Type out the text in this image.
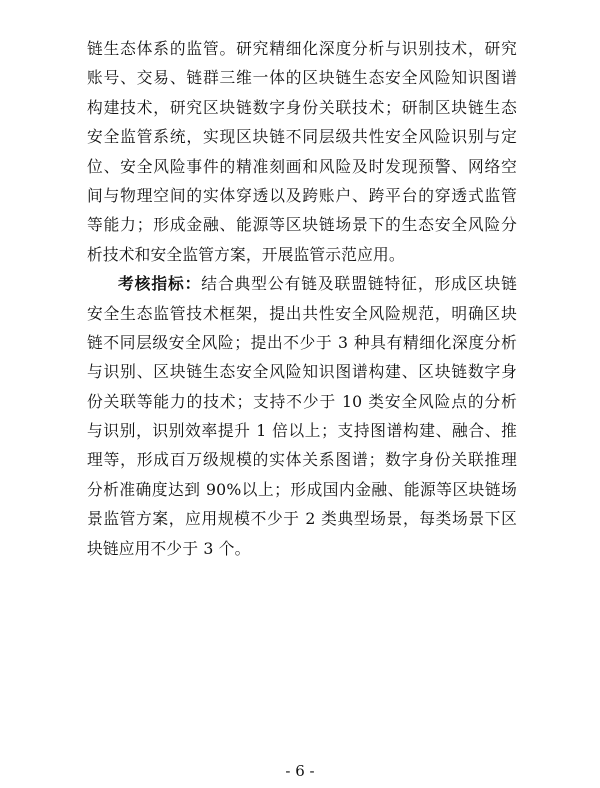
链生态体系的监管。研究精细化深度分析与识别技术，研究
账号、交易、链群三维一体的区块链生态安全风险知识图谱
构建技术，研究区块链数字身份关联技术；研制区块链生态
安全监管系统，实现区块链不同层级共性安全风险识别与定
位、安全风险事件的精准刻画和风险及时发现预警、网络空
间与物理空间的实体穿透以及跨账户、跨平台的穿透式监管
等能力；形成金融、能源等区块链场景下的生态安全风险分
析技术和安全监管方案，开展监管示范应用。
考核指标：结合典型公有链及联盟链特征，形成区块链
安全生态监管技术框架，提出共性安全风险规范，明确区块
链不同层级安全风险；提出不少于 3 种具有精细化深度分析
与识别、区块链生态安全风险知识图谱构建、区块链数字身
份关联等能力的技术；支持不少于 10 类安全风险点的分析
与识别，识别效率提升 1 倍以上；支持图谱构建、融合、推
理等，形成百万级规模的实体关系图谱；数字身份关联推理
分析准确度达到 90%以上；形成国内金融、能源等区块链场
景监管方案，应用规模不少于 2 类典型场景，每类场景下区
块链应用不少于 3 个。
- 6 -
